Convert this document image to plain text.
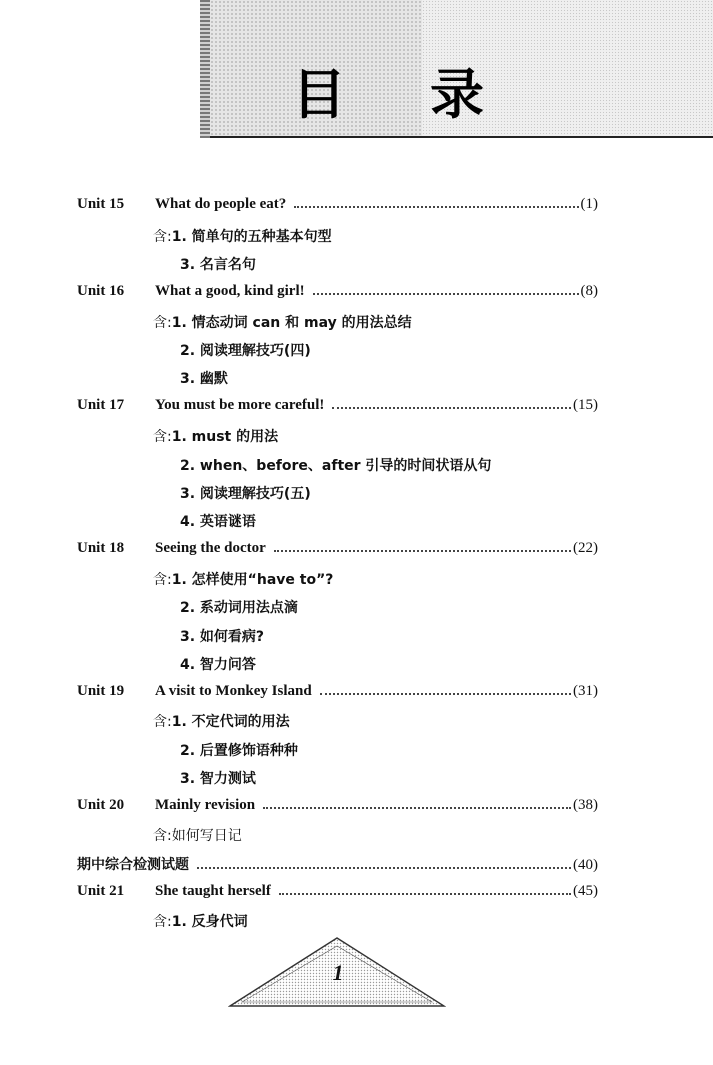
目 录
Unit 15 What do people eat?	(1)
含:1. 简单句的五种基本句型
3. 名言名句
Unit 16 What a good, kind girl!	(8)
含:1. 情态动词 can 和 may 的用法总结
2. 阅读理解技巧(四)
3. 幽默
Unit 17 You must be more careful!	(15)
含:1. must 的用法
2. when、before、after 引导的时间状语从句
3. 阅读理解技巧(五)
4. 英语谜语
Unit 18 Seeing the doctor	(22)
含:1. 怎样使用“have to”?
2. 系动词用法点滴
3. 如何看病?
4. 智力问答
Unit 19 A visit to Monkey Island	(31)
含:1. 不定代词的用法
2. 后置修饰语种种
3. 智力测试
Unit 20 Mainly revision	(38)
含:如何写日记
期中综合检测试题	(40)
Unit 21 She taught herself	(45)
含:1. 反身代词
1
